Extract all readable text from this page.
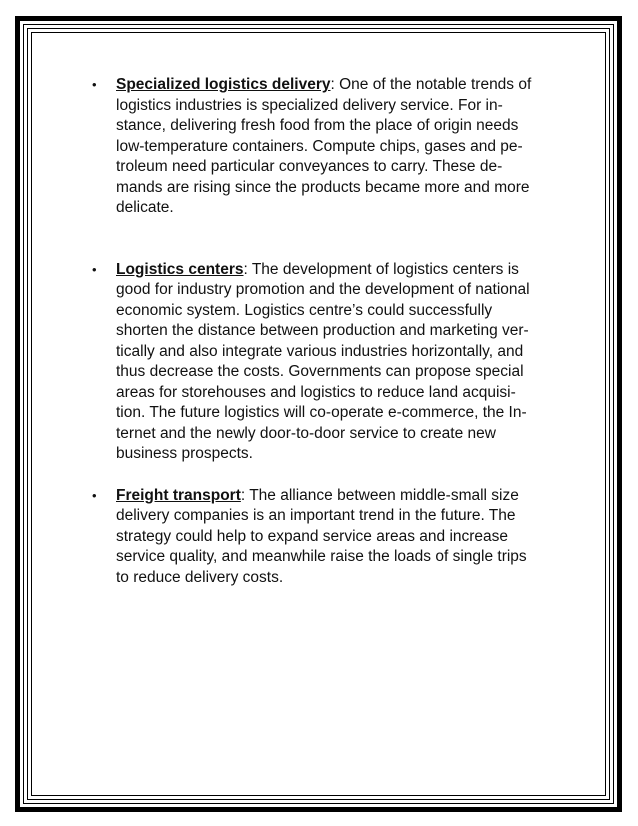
•	Specialized logistics delivery: One of the notable trends of
logistics industries is specialized delivery service. For in-
stance, delivering fresh food from the place of origin needs
low-temperature containers. Compute chips, gases and pe-
troleum need particular conveyances to carry. These de-
mands are rising since the products became more and more
delicate.
•	Logistics centers: The development of logistics centers is
good for industry promotion and the development of national
economic system. Logistics centre’s could successfully
shorten the distance between production and marketing ver-
tically and also integrate various industries horizontally, and
thus decrease the costs. Governments can propose special
areas for storehouses and logistics to reduce land acquisi-
tion. The future logistics will co-operate e-commerce, the In-
ternet and the newly door-to-door service to create new
business prospects.
•	Freight transport: The alliance between middle-small size
delivery companies is an important trend in the future. The
strategy could help to expand service areas and increase
service quality, and meanwhile raise the loads of single trips
to reduce delivery costs.
